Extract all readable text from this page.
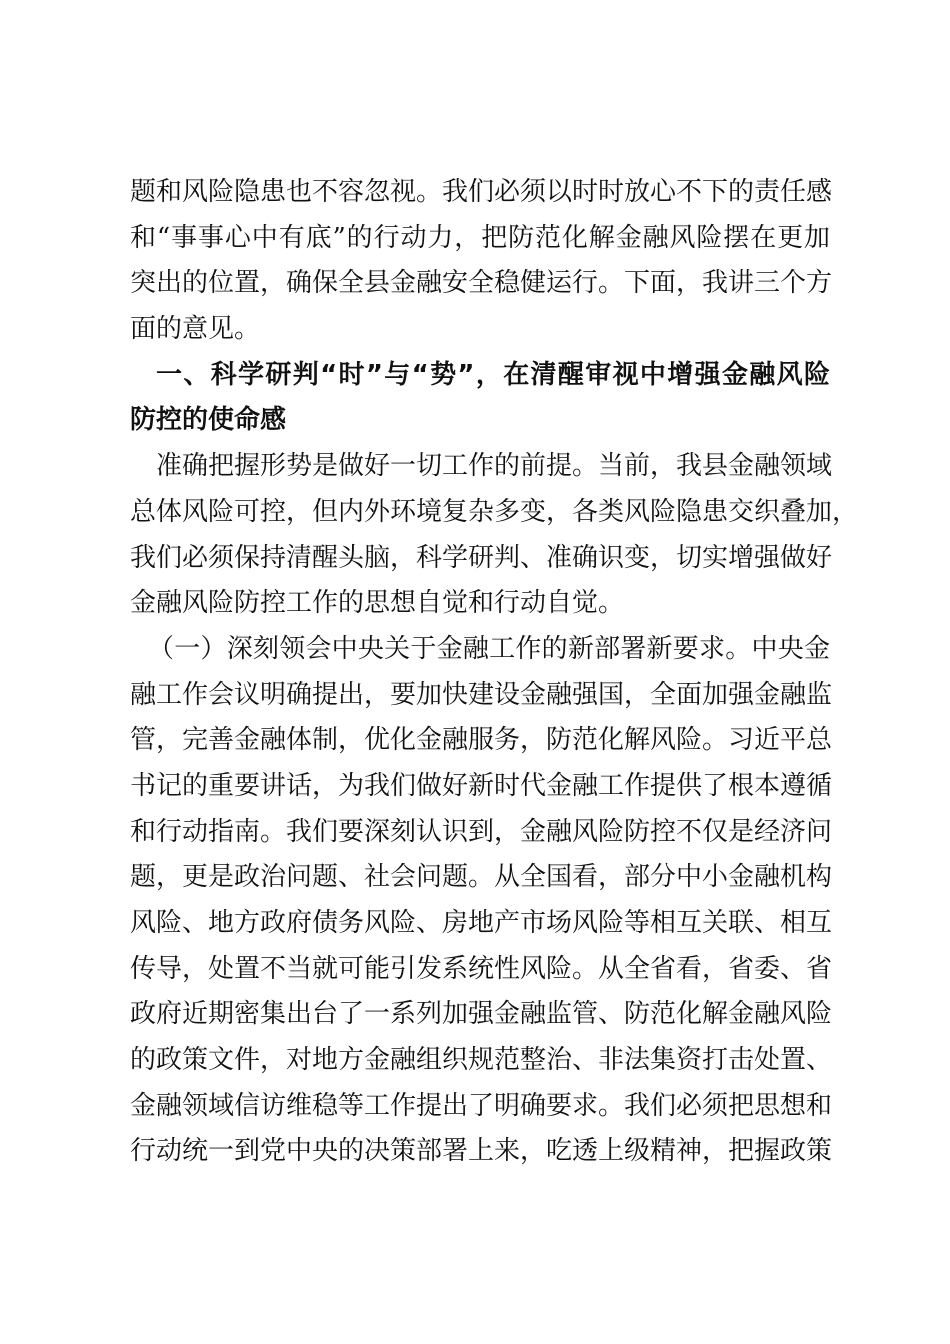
题和风险隐患也不容忽视。我们必须以时时放心不下的责任感
和“事事心中有底”的行动力，把防范化解金融风险摆在更加
突出的位置，确保全县金融安全稳健运行。下面，我讲三个方
面的意见。
一、科学研判“时”与“势”，在清醒审视中增强金融风险
防控的使命感
准确把握形势是做好一切工作的前提。当前，我县金融领域
总体风险可控，但内外环境复杂多变，各类风险隐患交织叠加，
我们必须保持清醒头脑，科学研判、准确识变，切实增强做好
金融风险防控工作的思想自觉和行动自觉。
（一）深刻领会中央关于金融工作的新部署新要求。中央金
融工作会议明确提出，要加快建设金融强国，全面加强金融监
管，完善金融体制，优化金融服务，防范化解风险。习近平总
书记的重要讲话，为我们做好新时代金融工作提供了根本遵循
和行动指南。我们要深刻认识到，金融风险防控不仅是经济问
题，更是政治问题、社会问题。从全国看，部分中小金融机构
风险、地方政府债务风险、房地产市场风险等相互关联、相互
传导，处置不当就可能引发系统性风险。从全省看，省委、省
政府近期密集出台了一系列加强金融监管、防范化解金融风险
的政策文件，对地方金融组织规范整治、非法集资打击处置、
金融领域信访维稳等工作提出了明确要求。我们必须把思想和
行动统一到党中央的决策部署上来，吃透上级精神，把握政策
